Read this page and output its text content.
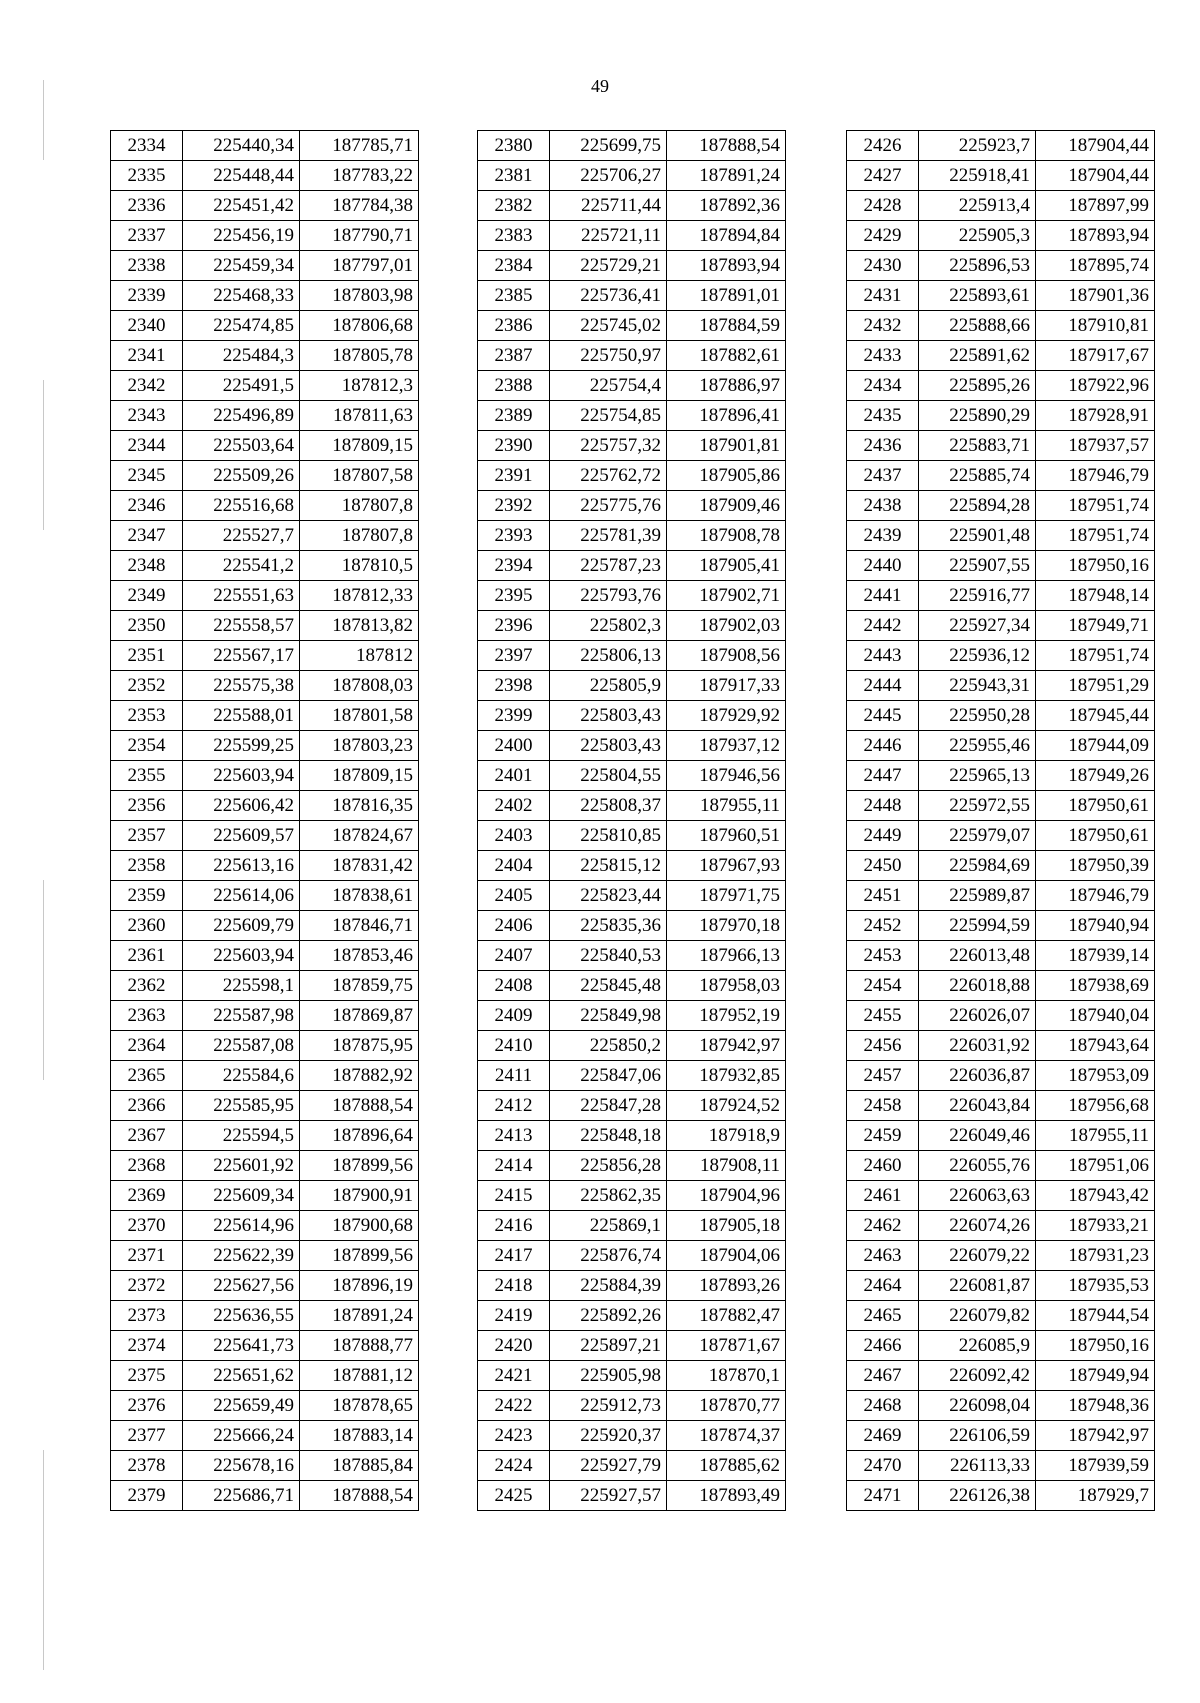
49
2334	225440,34	187785,71
2335	225448,44	187783,22
2336	225451,42	187784,38
2337	225456,19	187790,71
2338	225459,34	187797,01
2339	225468,33	187803,98
2340	225474,85	187806,68
2341	225484,3	187805,78
2342	225491,5	187812,3
2343	225496,89	187811,63
2344	225503,64	187809,15
2345	225509,26	187807,58
2346	225516,68	187807,8
2347	225527,7	187807,8
2348	225541,2	187810,5
2349	225551,63	187812,33
2350	225558,57	187813,82
2351	225567,17	187812
2352	225575,38	187808,03
2353	225588,01	187801,58
2354	225599,25	187803,23
2355	225603,94	187809,15
2356	225606,42	187816,35
2357	225609,57	187824,67
2358	225613,16	187831,42
2359	225614,06	187838,61
2360	225609,79	187846,71
2361	225603,94	187853,46
2362	225598,1	187859,75
2363	225587,98	187869,87
2364	225587,08	187875,95
2365	225584,6	187882,92
2366	225585,95	187888,54
2367	225594,5	187896,64
2368	225601,92	187899,56
2369	225609,34	187900,91
2370	225614,96	187900,68
2371	225622,39	187899,56
2372	225627,56	187896,19
2373	225636,55	187891,24
2374	225641,73	187888,77
2375	225651,62	187881,12
2376	225659,49	187878,65
2377	225666,24	187883,14
2378	225678,16	187885,84
2379	225686,71	187888,54
2380	225699,75	187888,54
2381	225706,27	187891,24
2382	225711,44	187892,36
2383	225721,11	187894,84
2384	225729,21	187893,94
2385	225736,41	187891,01
2386	225745,02	187884,59
2387	225750,97	187882,61
2388	225754,4	187886,97
2389	225754,85	187896,41
2390	225757,32	187901,81
2391	225762,72	187905,86
2392	225775,76	187909,46
2393	225781,39	187908,78
2394	225787,23	187905,41
2395	225793,76	187902,71
2396	225802,3	187902,03
2397	225806,13	187908,56
2398	225805,9	187917,33
2399	225803,43	187929,92
2400	225803,43	187937,12
2401	225804,55	187946,56
2402	225808,37	187955,11
2403	225810,85	187960,51
2404	225815,12	187967,93
2405	225823,44	187971,75
2406	225835,36	187970,18
2407	225840,53	187966,13
2408	225845,48	187958,03
2409	225849,98	187952,19
2410	225850,2	187942,97
2411	225847,06	187932,85
2412	225847,28	187924,52
2413	225848,18	187918,9
2414	225856,28	187908,11
2415	225862,35	187904,96
2416	225869,1	187905,18
2417	225876,74	187904,06
2418	225884,39	187893,26
2419	225892,26	187882,47
2420	225897,21	187871,67
2421	225905,98	187870,1
2422	225912,73	187870,77
2423	225920,37	187874,37
2424	225927,79	187885,62
2425	225927,57	187893,49
2426	225923,7	187904,44
2427	225918,41	187904,44
2428	225913,4	187897,99
2429	225905,3	187893,94
2430	225896,53	187895,74
2431	225893,61	187901,36
2432	225888,66	187910,81
2433	225891,62	187917,67
2434	225895,26	187922,96
2435	225890,29	187928,91
2436	225883,71	187937,57
2437	225885,74	187946,79
2438	225894,28	187951,74
2439	225901,48	187951,74
2440	225907,55	187950,16
2441	225916,77	187948,14
2442	225927,34	187949,71
2443	225936,12	187951,74
2444	225943,31	187951,29
2445	225950,28	187945,44
2446	225955,46	187944,09
2447	225965,13	187949,26
2448	225972,55	187950,61
2449	225979,07	187950,61
2450	225984,69	187950,39
2451	225989,87	187946,79
2452	225994,59	187940,94
2453	226013,48	187939,14
2454	226018,88	187938,69
2455	226026,07	187940,04
2456	226031,92	187943,64
2457	226036,87	187953,09
2458	226043,84	187956,68
2459	226049,46	187955,11
2460	226055,76	187951,06
2461	226063,63	187943,42
2462	226074,26	187933,21
2463	226079,22	187931,23
2464	226081,87	187935,53
2465	226079,82	187944,54
2466	226085,9	187950,16
2467	226092,42	187949,94
2468	226098,04	187948,36
2469	226106,59	187942,97
2470	226113,33	187939,59
2471	226126,38	187929,7
